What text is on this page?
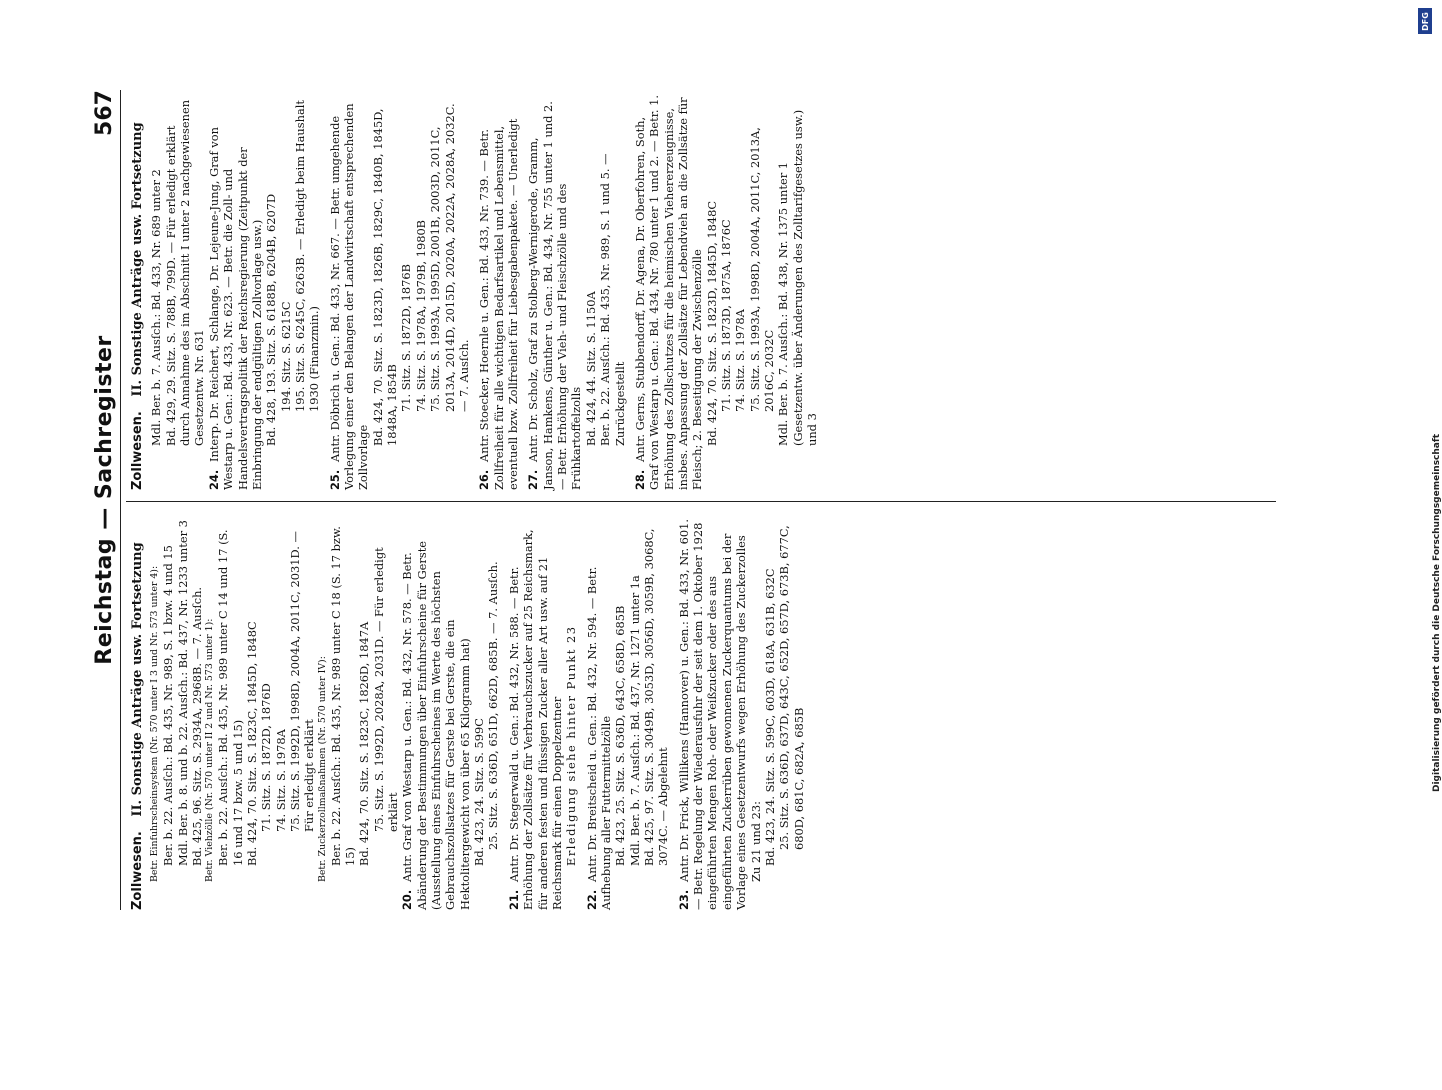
Reichstag — Sachregister
567

Zollwesen. II. Sonstige Anträge usw. Fortsetzung Betr. Einfuhrscheinsystem (Nr. 570 unter I 3 und Nr. 573 unter 4): Ber. b. 22. Ausſch.: Bd. 435, Nr. 989, S. 1 bzw. 4 und 15 Mdl. Ber. b. 8. und b. 22. Ausſch.: Bd. 437, Nr. 1233 unter 3 Bd. 425, 96. Sitz. S. 2934A, 2968B. — 7. Ausſch. Betr. Viehzölle (Nr. 570 unter II 2 und Nr. 573 unter 1): Ber. b. 22. Ausſch.: Bd. 435, Nr. 989 unter C 14 und 17 (S. 16 und 17 bzw. 5 und 15) Bd. 424, 70. Sitz. S. 1823C, 1845D, 1848C 71. Sitz. S. 1872D, 1876D 74. Sitz. S. 1978A 75. Sitz. S. 1992D, 1998D, 2004A, 2011C, 2031D. — Für erledigt erklärt Betr. Zuckerzollmaßnahmen (Nr. 570 unter IV): Ber. b. 22. Ausſch.: Bd. 435, Nr. 989 unter C 18 (S. 17 bzw. 15) Bd. 424, 70. Sitz. S. 1823C, 1826D, 1847A 75. Sitz. S. 1992D, 2028A, 2031D. — Für erledigt erklärt

20.

Antr. Graf von Westarp u. Gen.: Bd. 432, Nr. 578. — Betr. Abänderung der Bestimmungen über Einfuhrscheine für Gerste (Ausstellung eines Einfuhrscheines im Werte des höchsten Gebrauchszollsatzes für Gerste bei Gerste, die ein Hektolitergewicht von über 65 Kilogramm hat) Bd. 423, 24. Sitz. S. 599C 25. Sitz. S. 636D, 651D, 662D, 685B. — 7. Ausſch.

21.

Antr. Dr. Stegerwald u. Gen.: Bd. 432, Nr. 588. — Betr. Erhöhung der Zollsätze für Verbrauchszucker auf 25 Reichsmark, für anderen festen und flüssigen Zucker aller Art usw. auf 21 Reichsmark für einen Doppelzentner Erledigung siehe hinter Punkt 23

22.

Antr. Dr. Breitscheid u. Gen.: Bd. 432, Nr. 594. — Betr. Aufhebung aller Futtermittelzölle Bd. 423, 25. Sitz. S. 636D, 643C, 658D, 685B Mdl. Ber. b. 7. Ausſch.: Bd. 437, Nr. 1271 unter 1a Bd. 425, 97. Sitz. S. 3049B, 3053D, 3056D, 3059B, 3068C, 3074C. — Abgelehnt

23.

Antr. Dr. Frick, Willikens (Hannover) u. Gen.: Bd. 433, Nr. 601. — Betr. Regelung der Wiederausfuhr der seit dem 1. Oktober 1928 eingeführten Mengen Roh- oder Weißzucker oder des aus eingeführten Zuckerrüben gewonnenen Zuckerquantums bei der Vorlage eines Gesetzentwurfs wegen Erhöhung des Zuckerzolles Zu 21 und 23: Bd. 423, 24. Sitz. S. 599C, 603D, 618A, 631B, 632C 25. Sitz. S. 636D, 637D, 643C, 652D, 657D, 673B, 677C, 680D, 681C, 682A, 685B

Zollwesen. II. Sonstige Anträge usw. Fortsetzung Mdl. Ber. b. 7. Ausſch.: Bd. 433, Nr. 689 unter 2 Bd. 429, 29. Sitz. S. 788B, 799D. — Für erledigt erklärt durch Annahme des im Abschnitt I unter 2 nachgewiesenen Gesetzentw. Nr. 631

24.

Interp. Dr. Reichert, Schlange, Dr. Lejeune-Jung, Graf von Westarp u. Gen.: Bd. 433, Nr. 623. — Betr. die Zoll- und Handelsvertragspolitik der Reichsregierung (Zeitpunkt der Einbringung der endgültigen Zollvorlage usw.) Bd. 428, 193. Sitz. S. 6188B, 6204B, 6207D 194. Sitz. S. 6215C 195. Sitz. S. 6245C, 6263B. — Erledigt beim Haushalt 1930 (Finanzmin.)

25.

Antr. Döbrich u. Gen.: Bd. 433, Nr. 667. — Betr. umgehende Vorlegung einer den Belangen der Landwirtschaft entsprechenden Zollvorlage

Bd. 424, 70. Sitz. S. 1823D, 1826B, 1829C, 1840B, 1845D, 1848A, 1854B 71. Sitz. S. 1872D, 1876B 74. Sitz. S. 1978A, 1979B, 1980B 75. Sitz. S. 1993A, 1995D, 2001B, 2003D, 2011C, 2013A, 2014D, 2015D, 2020A, 2022A, 2028A, 2032C. — 7. Ausſch.

26.

Antr. Stoecker, Hoernle u. Gen.: Bd. 433, Nr. 739. — Betr. Zollfreiheit für alle wichtigen Bedarfsartikel und Lebensmittel, eventuell bzw. Zollfreiheit für Liebesgabenpakete. — Unerledigt 27.

Antr. Dr. Scholz, Graf zu Stolberg-Wernigerode, Gramm, Janson, Hamkens, Günther u. Gen.: Bd. 434, Nr. 755 unter 1 und 2. — Betr. Erhöhung der Vieh- und Fleischzölle und des Frühkartoffelzolls Bd. 424, 44. Sitz. S. 1150A Ber. b. 22. Ausſch.: Bd. 435, Nr. 989, S. 1 und 5. — Zurückgestellt

28.

Antr. Gerns, Stubbendorff, Dr. Agena, Dr. Oberfohren, Soth, Graf von Westarp u. Gen.: Bd. 434, Nr. 780 unter 1 und 2. — Betr. 1. Erhöhung des Zollschutzes für die heimischen Viehererzeugnisse, insbes. Anpassung der Zollsätze für Lebendvieh an die Zollsätze für Fleisch; 2. Beseitigung der Zwischenzölle Bd. 424, 70. Sitz. S. 1823D, 1845D, 1848C 71. Sitz. S. 1873D, 1875A, 1876C 74. Sitz. S. 1978A 75. Sitz. S. 1993A, 1998D, 2004A, 2011C, 2013A, 2016C, 2032C Mdl. Ber. b. 7. Ausſch.: Bd. 438, Nr. 1375 unter 1 (Gesetzentw. über Änderungen des Zolltarifgesetzes usw.) und 3

DFG
Digitalisierung gefördert durch die Deutsche Forschungsgemeinschaft
